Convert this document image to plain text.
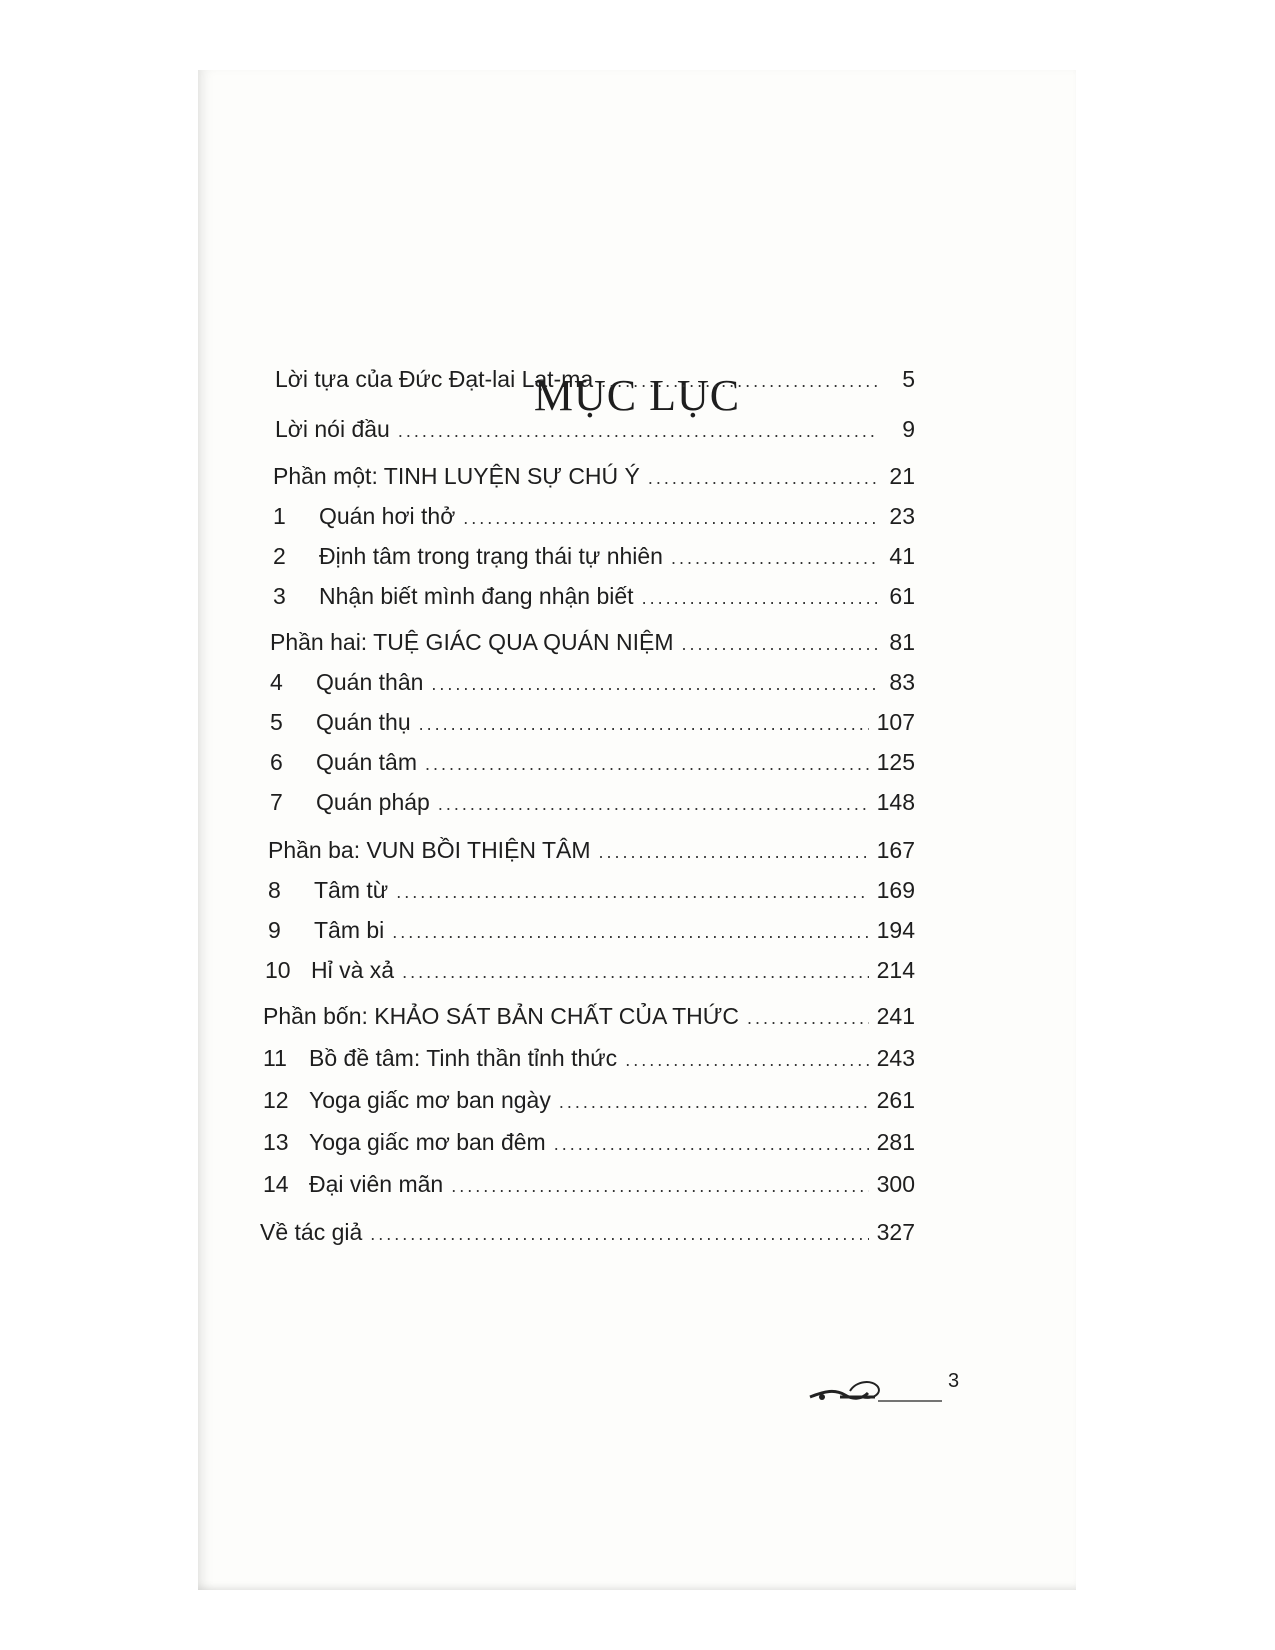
MỤC LỤC
Lời tựa của Đức Đạt-lai Lạt-ma .....	5
Lời nói đầu .....	9
Phần một: TINH LUYỆN SỰ CHÚ Ý .....	21
1	Quán hơi thở .....	23
2	Định tâm trong trạng thái tự nhiên .....	41
3	Nhận biết mình đang nhận biết .....	61
Phần hai: TUỆ GIÁC QUA QUÁN NIỆM .....	81
4	Quán thân .....	83
5	Quán thụ .....	107
6	Quán tâm .....	125
7	Quán pháp .....	148
Phần ba: VUN BỒI THIỆN TÂM .....	167
8	Tâm từ .....	169
9	Tâm bi .....	194
10 Hỉ và xả .....	214
Phần bốn: KHẢO SÁT BẢN CHẤT CỦA THỨC .....	241
11 Bồ đề tâm: Tinh thần tỉnh thức .....	243
12 Yoga giấc mơ ban ngày .....	261
13 Yoga giấc mơ ban đêm .....	281
14 Đại viên mãn .....	300
Về tác giả .....	327
3
